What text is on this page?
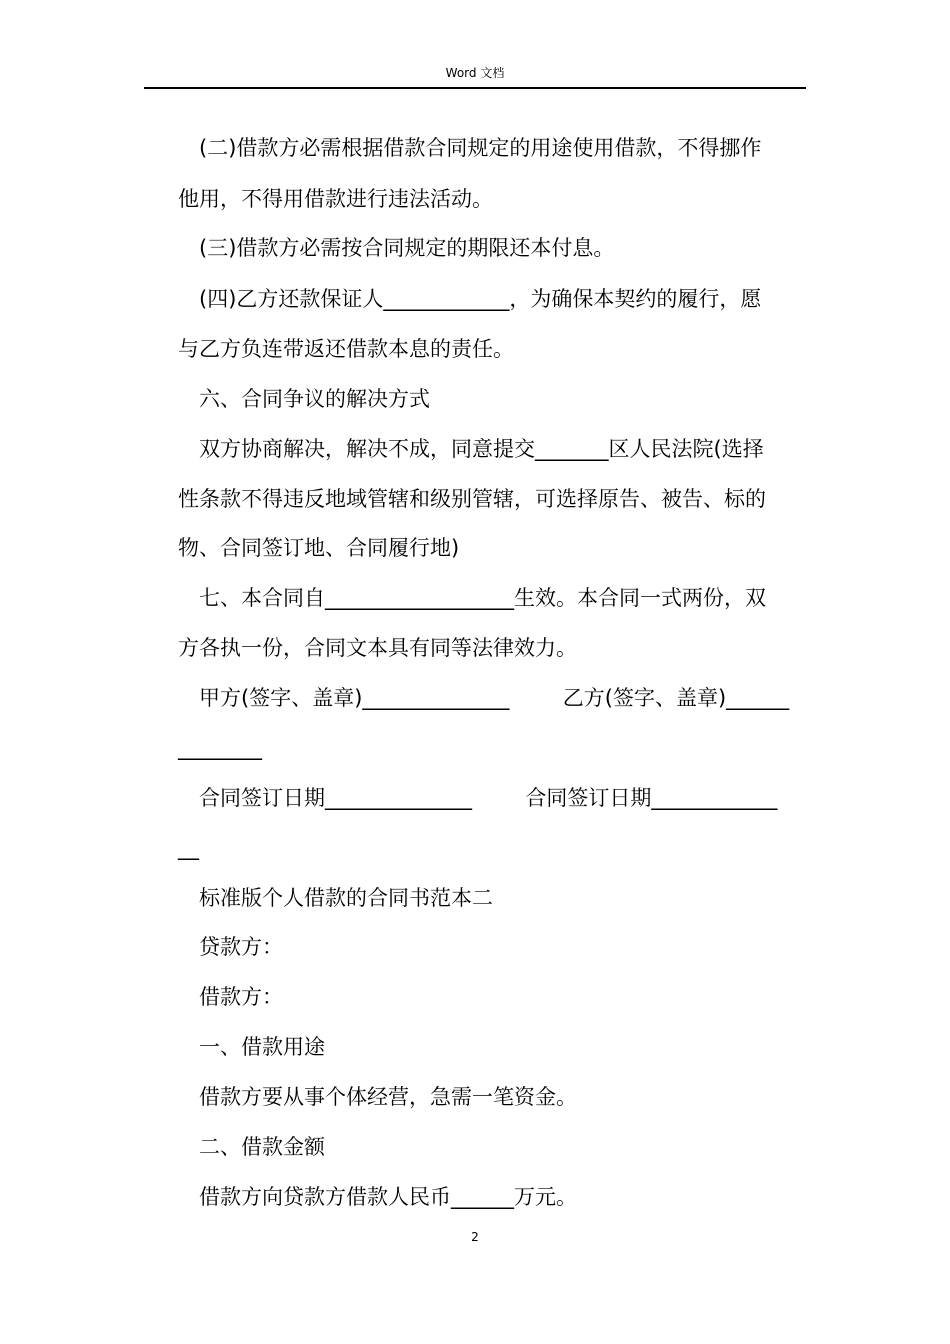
Word 文档
(二)借款方必需根据借款合同规定的用途使用借款，不得挪作
他用，不得用借款进行违法活动。
(三)借款方必需按合同规定的期限还本付息。
(四)乙方还款保证人____________，为确保本契约的履行，愿
与乙方负连带返还借款本息的责任。
六、合同争议的解决方式
双方协商解决，解决不成，同意提交_______区人民法院(选择
性条款不得违反地域管辖和级别管辖，可选择原告、被告、标的
物、合同签订地、合同履行地)
七、本合同自__________________生效。本合同一式两份，双
方各执一份，合同文本具有同等法律效力。
甲方(签字、盖章)______________        乙方(签字、盖章)______
________
合同签订日期______________        合同签订日期____________
__
标准版个人借款的合同书范本二
贷款方：
借款方：
一、借款用途
借款方要从事个体经营，急需一笔资金。
二、借款金额
借款方向贷款方借款人民币______万元。
2
